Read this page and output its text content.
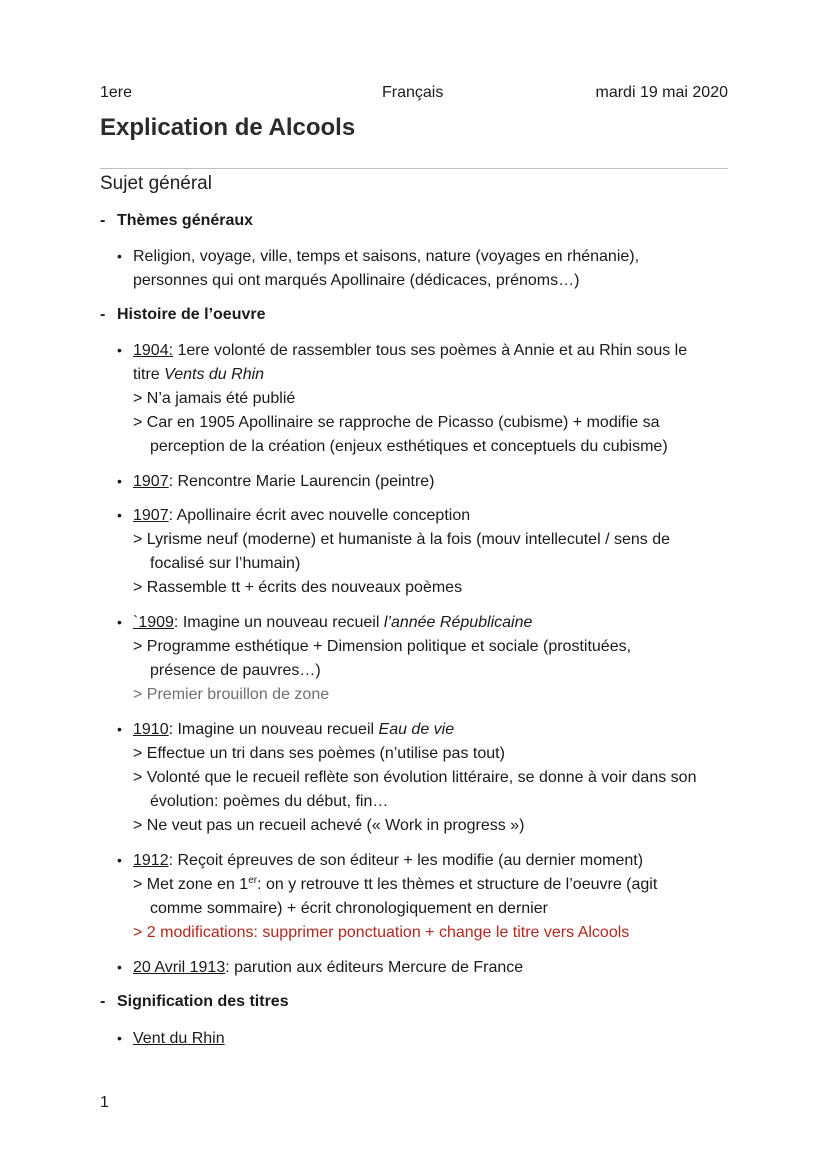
1ere	Français	mardi 19 mai 2020
Explication de Alcools
Sujet général
- Thèmes généraux
• Religion, voyage, ville, temps et saisons, nature (voyages en rhénanie),
personnes qui ont marqués Apollinaire (dédicaces, prénoms…)
- Histoire de l’oeuvre
• 1904: 1ere volonté de rassembler tous ses poèmes à Annie et au Rhin sous le
titre Vents du Rhin
> N’a jamais été publié
> Car en 1905 Apollinaire se rapproche de Picasso (cubisme) + modifie sa
perception de la création (enjeux esthétiques et conceptuels du cubisme)
• 1907: Rencontre Marie Laurencin (peintre)
• 1907: Apollinaire écrit avec nouvelle conception
> Lyrisme neuf (moderne) et humaniste à la fois (mouv intellecutel / sens de
focalisé sur l’humain)
> Rassemble tt + écrits des nouveaux poèmes
• `1909: Imagine un nouveau recueil l’année Républicaine
> Programme esthétique + Dimension politique et sociale (prostituées,
présence de pauvres…)
> Premier brouillon de zone
• 1910: Imagine un nouveau recueil Eau de vie
> Effectue un tri dans ses poèmes (n’utilise pas tout)
> Volonté que le recueil reflète son évolution littéraire, se donne à voir dans son
évolution: poèmes du début, fin…
> Ne veut pas un recueil achevé (« Work in progress »)
• 1912: Reçoit épreuves de son éditeur + les modifie (au dernier moment)
> Met zone en 1er: on y retrouve tt les thèmes et structure de l’oeuvre (agit
comme sommaire) + écrit chronologiquement en dernier
> 2 modifications: supprimer ponctuation + change le titre vers Alcools
• 20 Avril 1913: parution aux éditeurs Mercure de France
- Signification des titres
• Vent du Rhin
1
